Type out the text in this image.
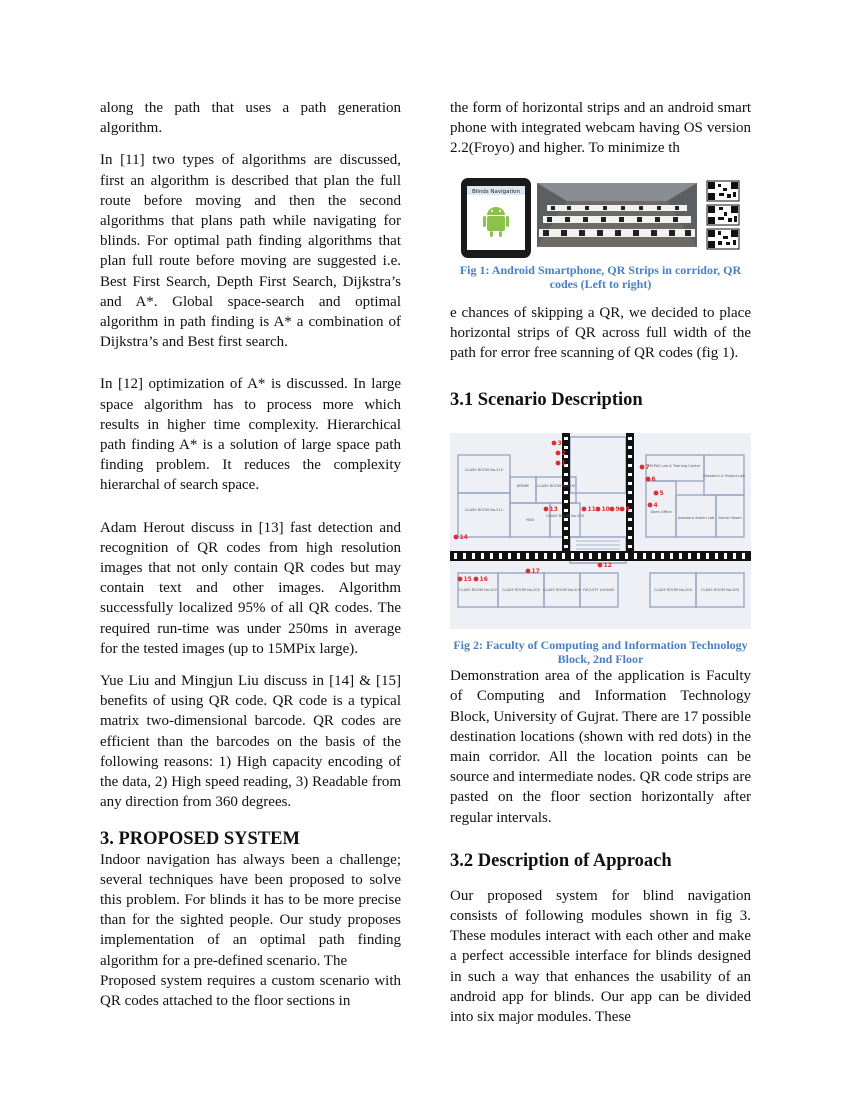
along the path that uses a path generation algorithm.

In [11] two types of algorithms are discussed, first an algorithm is described that plan the full route before moving and then the second algorithms that plans path while navigating for blinds. For optimal path finding algorithms that plan full route before moving are suggested i.e. Best First Search, Depth First Search, Dijkstra’s and A*. Global space-search and optimal algorithm in path finding is A* a combination of Dijkstra’s and Best first search.

In [12] optimization of A* is discussed. In large space algorithm has to process more which results in higher time complexity. Hierarchical path finding A* is a solution of large space path finding problem. It reduces the complexity hierarchal of search space.

Adam Herout discuss in [13] fast detection and recognition of QR codes from high resolution images that not only contain QR codes but may contain text and other images. Algorithm successfully localized 95% of all QR codes. The required run-time was under 250ms in average for the tested images (up to 15MPix large).

Yue Liu and Mingjun Liu discuss in [14] & [15] benefits of using QR code. QR code is a typical matrix two-dimensional barcode. QR codes are efficient than the barcodes on the basis of the following reasons: 1) High capacity encoding of the data, 2) High speed reading, 3) Readable from any direction from 360 degrees.

3. PROPOSED SYSTEM

Indoor navigation has always been a challenge; several techniques have been proposed to solve this problem. For blinds it has to be more precise than for the sighted people. Our study proposes implementation of an optimal path finding algorithm for a pre-defined scenario. The

Proposed system requires a custom scenario with QR codes attached to the floor sections in

the form of horizontal strips and an android smart phone with integrated webcam having OS version 2.2(Froyo) and higher. To minimize th

Blinds Navigation
Fig 1: Android Smartphone, QR Strips in corridor, QR codes (Left to right)

e chances of skipping a QR, we decided to place horizontal strips of QR across full width of the path for error free scanning of QR codes (fig 1).

3.1 Scenario Description
CLASS ROOM No.210
CLASS ROOM No.211
CLASS ROOM No.209
CLASS ROOM No.205
DRDRE
HOD
M.Phil Lab & Training Center
Research & Project Lab
Dean Office
Assistant Admin Lab Server Room
CLASS ROOM No.207 CLASS ROOM No.202 CLASS ROOM No.203 FACULTY LOUNGE	CLASS ROOM No.204	CLASS ROOM No.205
3
2
1
13	11 10 9 8
7
6
5
4
14
15 16
17
12
Fig 2: Faculty of Computing and Information Technology Block, 2nd Floor

Demonstration area of the application is Faculty of Computing and Information Technology Block, University of Gujrat. There are 17 possible destination locations (shown with red dots) in the main corridor. All the location points can be source and intermediate nodes. QR code strips are pasted on the floor section horizontally after regular intervals.

3.2 Description of Approach

Our proposed system for blind navigation consists of following modules shown in fig 3. These modules interact with each other and make a perfect accessible interface for blinds designed in such a way that enhances the usability of an android app for blinds. Our app can be divided into six major modules. These
